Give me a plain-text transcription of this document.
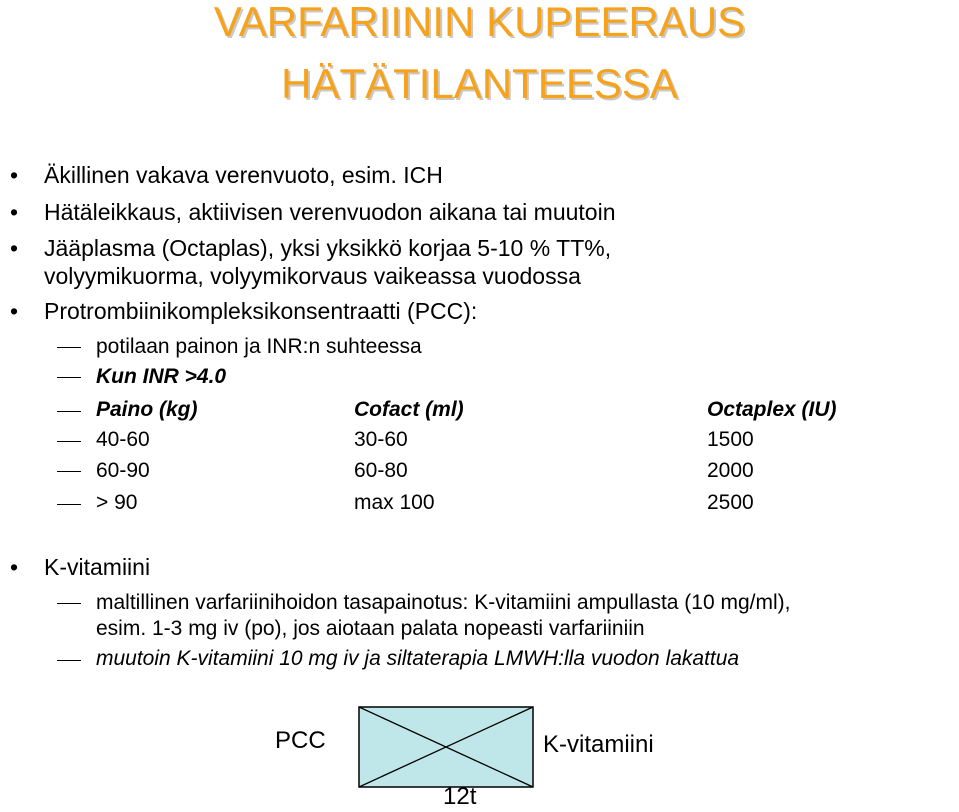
VARFARIININ KUPEERAUS
HÄTÄTILANTEESSA
• Äkillinen vakava verenvuoto, esim. ICH
• Hätäleikkaus, aktiivisen verenvuodon aikana tai muutoin
• Jääplasma (Octaplas), yksi yksikkö korjaa 5-10 % TT%,
volyymikuorma, volyymikorvaus vaikeassa vuodossa
• Protrombiinikompleksikonsentraatti (PCC):
potilaan painon ja INR:n suhteessa
Kun INR >4.0
Paino (kg)	Cofact (ml)	Octaplex (IU)
40-60	30-60	1500
60-90	60-80	2000
> 90	max 100	2500
• K-vitamiini
maltillinen varfariinihoidon tasapainotus: K-vitamiini ampullasta (10 mg/ml),
esim. 1-3 mg iv (po), jos aiotaan palata nopeasti varfariiniin
muutoin K-vitamiini 10 mg iv ja siltaterapia LMWH:lla vuodon lakattua
PCC	K-vitamiini
12t
